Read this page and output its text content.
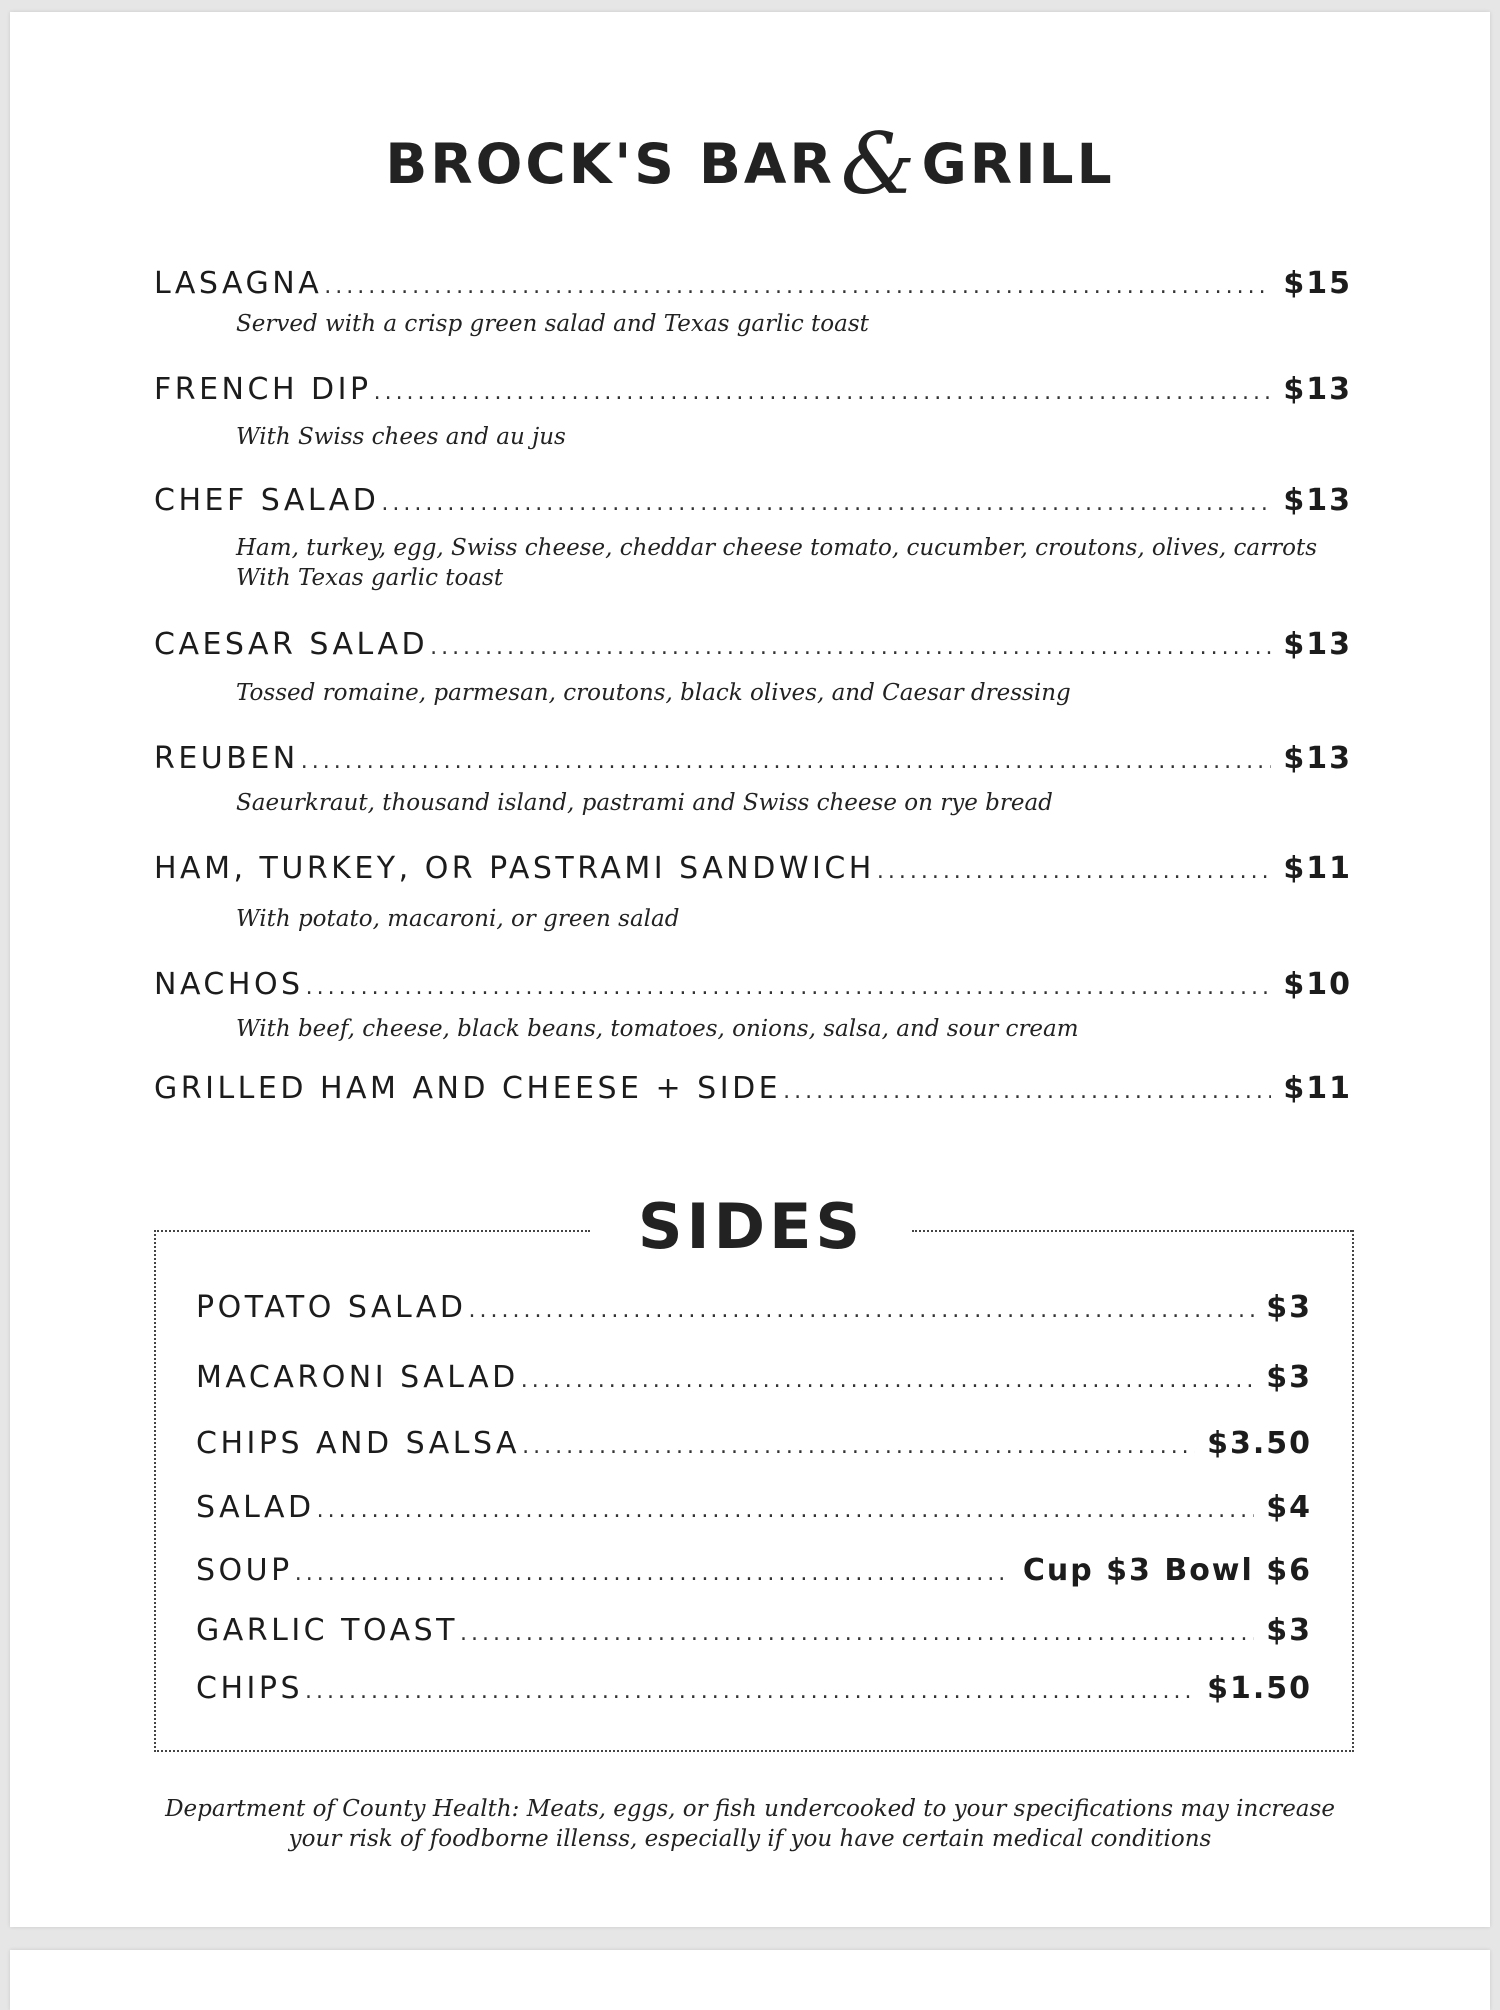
BROCK'S BAR& GRILL
LASAGNA .....	$15
Served with a crisp green salad and Texas garlic toast
FRENCH DIP .....	$13
With Swiss chees and au jus
CHEF SALAD .....	$13
Ham, turkey, egg, Swiss cheese, cheddar cheese tomato, cucumber, croutons, olives, carrots
With Texas garlic toast
CAESAR SALAD .....	$13
Tossed romaine, parmesan, croutons, black olives, and Caesar dressing
REUBEN .....	$13
Saeurkraut, thousand island, pastrami and Swiss cheese on rye bread
HAM, TURKEY, OR PASTRAMI SANDWICH .....	$11
With potato, macaroni, or green salad
NACHOS .....	$10
With beef, cheese, black beans, tomatoes, onions, salsa, and sour cream
GRILLED HAM AND CHEESE + SIDE .....	$11
SIDES
POTATO SALAD .....	$3
MACARONI SALAD .....	$3
CHIPS AND SALSA .....	$3.50
SALAD .....	$4
SOUP .....	Cup $3 Bowl $6
GARLIC TOAST .....	$3
CHIPS .....	$1.50
Department of County Health: Meats, eggs, or fish undercooked to your specifications may increase
your risk of foodborne illenss, especially if you have certain medical conditions
